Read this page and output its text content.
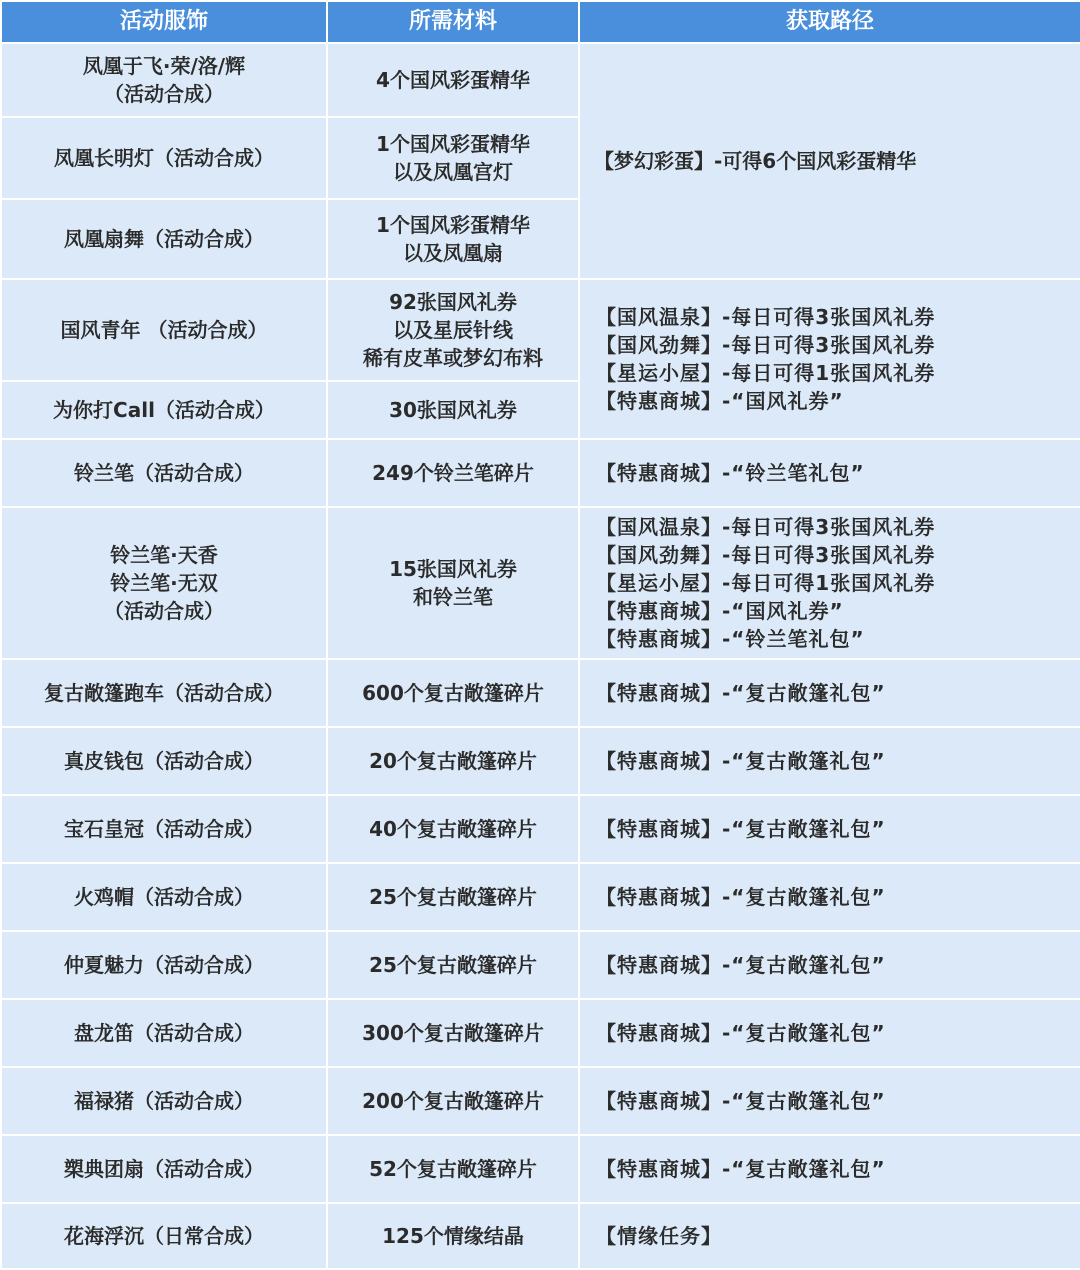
活动服饰	所需材料	获取路径

凤凰于飞·荣/洛/辉
（活动合成）	4个国风彩蛋精华	【梦幻彩蛋】-可得6个国风彩蛋精华

凤凰长明灯（活动合成）	1个国风彩蛋精华
以及凤凰宫灯	

凤凰扇舞（活动合成）	1个国风彩蛋精华
以及凤凰扇	

国风青年 （活动合成）	92张国风礼券
以及星辰针线
稀有皮革或梦幻布料	【国风温泉】-每日可得3张国风礼券
【国风劲舞】-每日可得3张国风礼券
【星运小屋】-每日可得1张国风礼券
【特惠商城】-“国风礼券”

为你打Call（活动合成）	30张国风礼券	

铃兰笔（活动合成）	249个铃兰笔碎片	【特惠商城】-“铃兰笔礼包”

铃兰笔·天香
铃兰笔·无双
（活动合成）	15张国风礼券
和铃兰笔	【国风温泉】-每日可得3张国风礼券
【国风劲舞】-每日可得3张国风礼券
【星运小屋】-每日可得1张国风礼券
【特惠商城】-“国风礼券”
【特惠商城】-“铃兰笔礼包”

复古敞篷跑车（活动合成）	600个复古敞篷碎片	【特惠商城】-“复古敞篷礼包”

真皮钱包（活动合成）	20个复古敞篷碎片	【特惠商城】-“复古敞篷礼包”

宝石皇冠（活动合成）	40个复古敞篷碎片	【特惠商城】-“复古敞篷礼包”

火鸡帽（活动合成）	25个复古敞篷碎片	【特惠商城】-“复古敞篷礼包”

仲夏魅力（活动合成）	25个复古敞篷碎片	【特惠商城】-“复古敞篷礼包”

盘龙笛（活动合成）	300个复古敞篷碎片	【特惠商城】-“复古敞篷礼包”

福禄猪（活动合成）	200个复古敞篷碎片	【特惠商城】-“复古敞篷礼包”

槊典团扇（活动合成）	52个复古敞篷碎片	【特惠商城】-“复古敞篷礼包”

花海浮沉（日常合成）	125个情缘结晶	【情缘任务】
